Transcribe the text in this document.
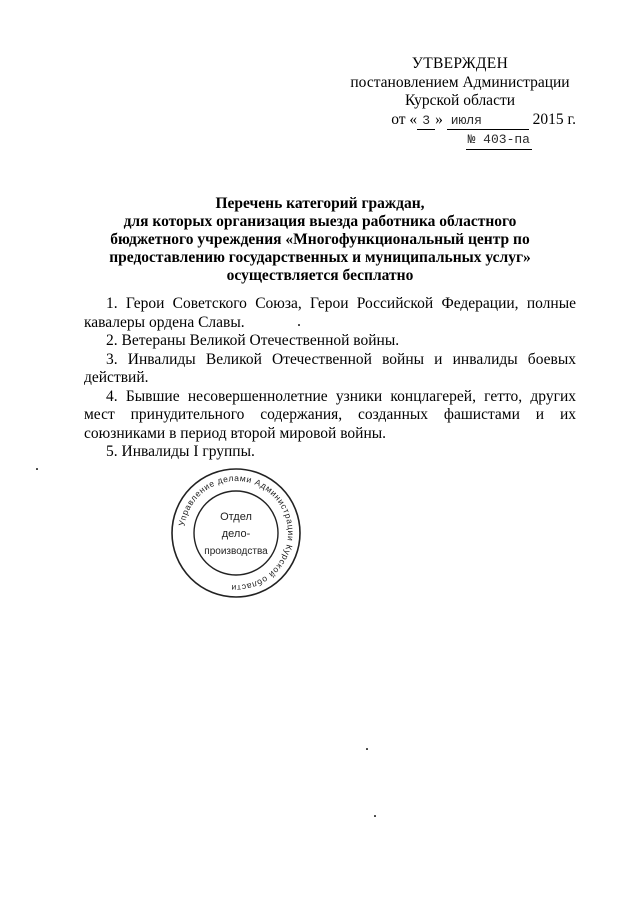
УТВЕРЖДЕН
постановлением Администрации
Курской области
от « 3 » июля	2015 г.
№ 403-па
Перечень категорий граждан,
для которых организация выезда работника областного
бюджетного учреждения «Многофункциональный центр по
предоставлению государственных и муниципальных услуг»
осуществляется бесплатно

1. Герои Советского Союза, Герои Российской Федерации, полные кавалеры ордена Славы.

2. Ветераны Великой Отечественной войны.

3. Инвалиды Великой Отечественной войны и инвалиды боевых действий.

4. Бывшие несовершеннолетние узники концлагерей, гетто, других мест принудительного содержания, созданных фашистами и их союзниками в период второй мировой войны.

5. Инвалиды I группы.

Управление делами Администрации Курской области
Отдел
дело-
производства
